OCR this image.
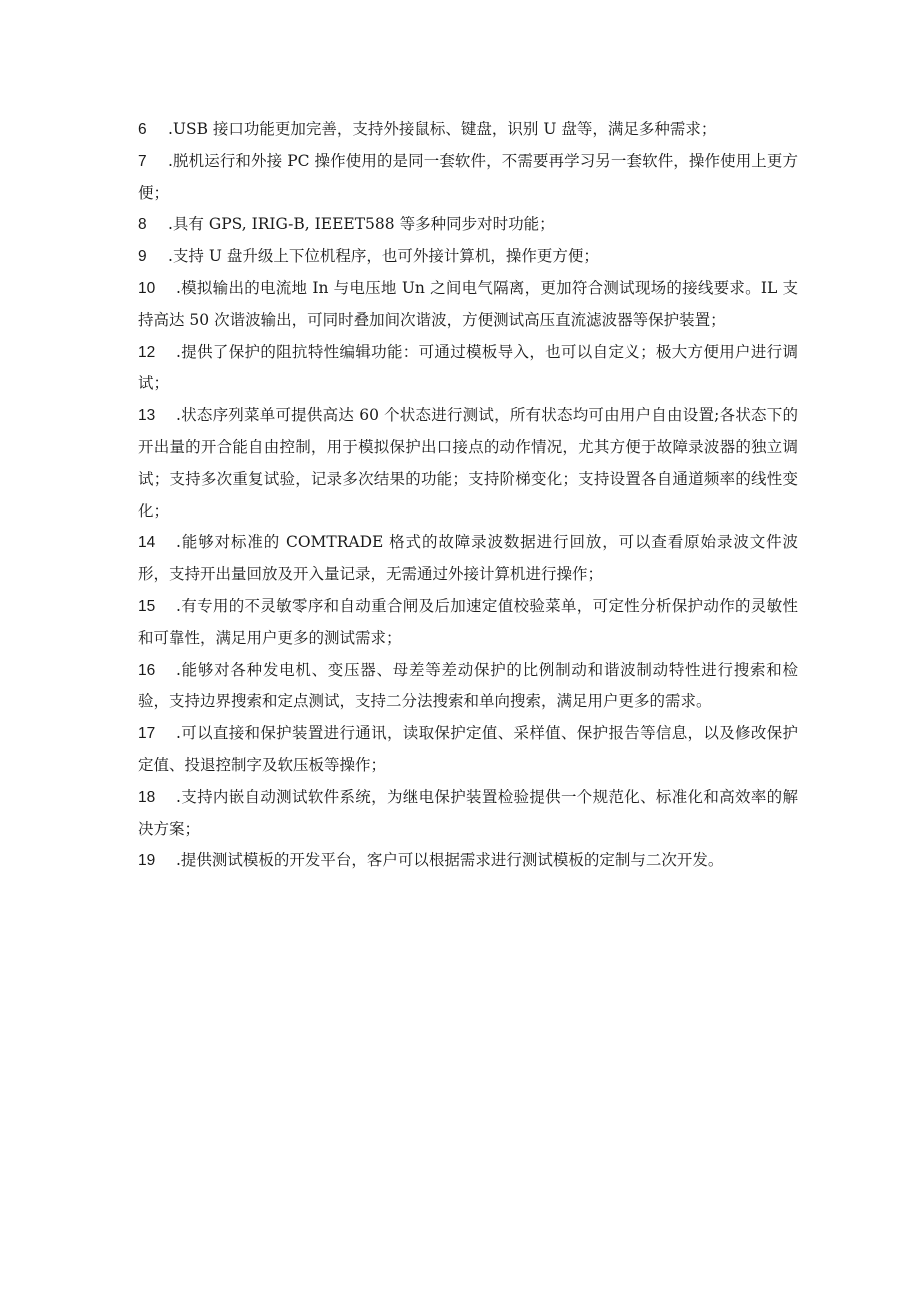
6 .USB 接口功能更加完善，支持外接鼠标、键盘，识别 U 盘等，满足多种需求；

7 .脱机运行和外接 PC 操作使用的是同一套软件，不需要再学习另一套软件，操作使用上更方便；

8 .具有 GPS, IRIG-B, IEEET588 等多种同步对时功能；

9 .支持 U 盘升级上下位机程序，也可外接计算机，操作更方便；

10 .模拟输出的电流地 In 与电压地 Un 之间电气隔离，更加符合测试现场的接线要求。IL 支持高达 50 次谐波输出，可同时叠加间次谐波，方便测试高压直流滤波器等保护装置；

12 .提供了保护的阻抗特性编辑功能：可通过模板导入，也可以自定义；极大方便用户进行调试；

13 .状态序列菜单可提供高达 60 个状态进行测试，所有状态均可由用户自由设置;各状态下的开出量的开合能自由控制，用于模拟保护出口接点的动作情况，尤其方便于故障录波器的独立调试；支持多次重复试验，记录多次结果的功能；支持阶梯变化；支持设置各自通道频率的线性变化；

14 .能够对标准的 COMTRADE 格式的故障录波数据进行回放，可以查看原始录波文件波形，支持开出量回放及开入量记录，无需通过外接计算机进行操作；

15 .有专用的不灵敏零序和自动重合闸及后加速定值校验菜单，可定性分析保护动作的灵敏性和可靠性，满足用户更多的测试需求；

16 .能够对各种发电机、变压器、母差等差动保护的比例制动和谐波制动特性进行搜索和检验，支持边界搜索和定点测试，支持二分法搜索和单向搜索，满足用户更多的需求。

17 .可以直接和保护装置进行通讯，读取保护定值、采样值、保护报告等信息，以及修改保护定值、投退控制字及软压板等操作；

18 .支持内嵌自动测试软件系统，为继电保护装置检验提供一个规范化、标准化和高效率的解决方案；

19 .提供测试模板的开发平台，客户可以根据需求进行测试模板的定制与二次开发。
